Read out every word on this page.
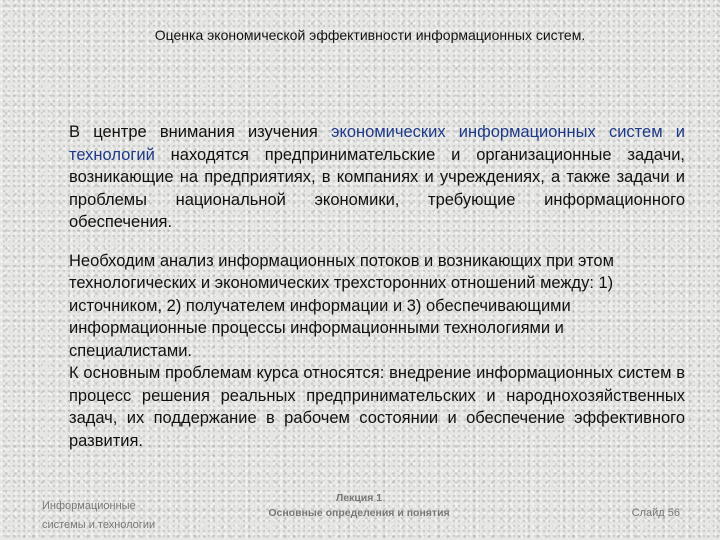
Оценка экономической эффективности информационных систем.

В центре внимания изучения экономических информационных систем и технологий находятся предпринимательские и организационные задачи, возникающие на предприятиях, в компаниях и учреждениях, а также задачи и проблемы национальной экономики, требующие информационного обеспечения.

Необходим анализ информационных потоков и возникающих при этом технологических и экономических трехсторонних отношений между: 1) источником, 2) получателем информации и 3) обеспечивающими информационные процессы информационными технологиями и специалистами.

К основным проблемам курса относятся: внедрение информационных систем в процесс решения реальных предпринимательских и народнохозяйственных задач, их поддержание в рабочем состоянии и обеспечение эффективного развития.

Информационные системы и технологии
Лекция 1
Основные определения и понятия	Слайд 56
